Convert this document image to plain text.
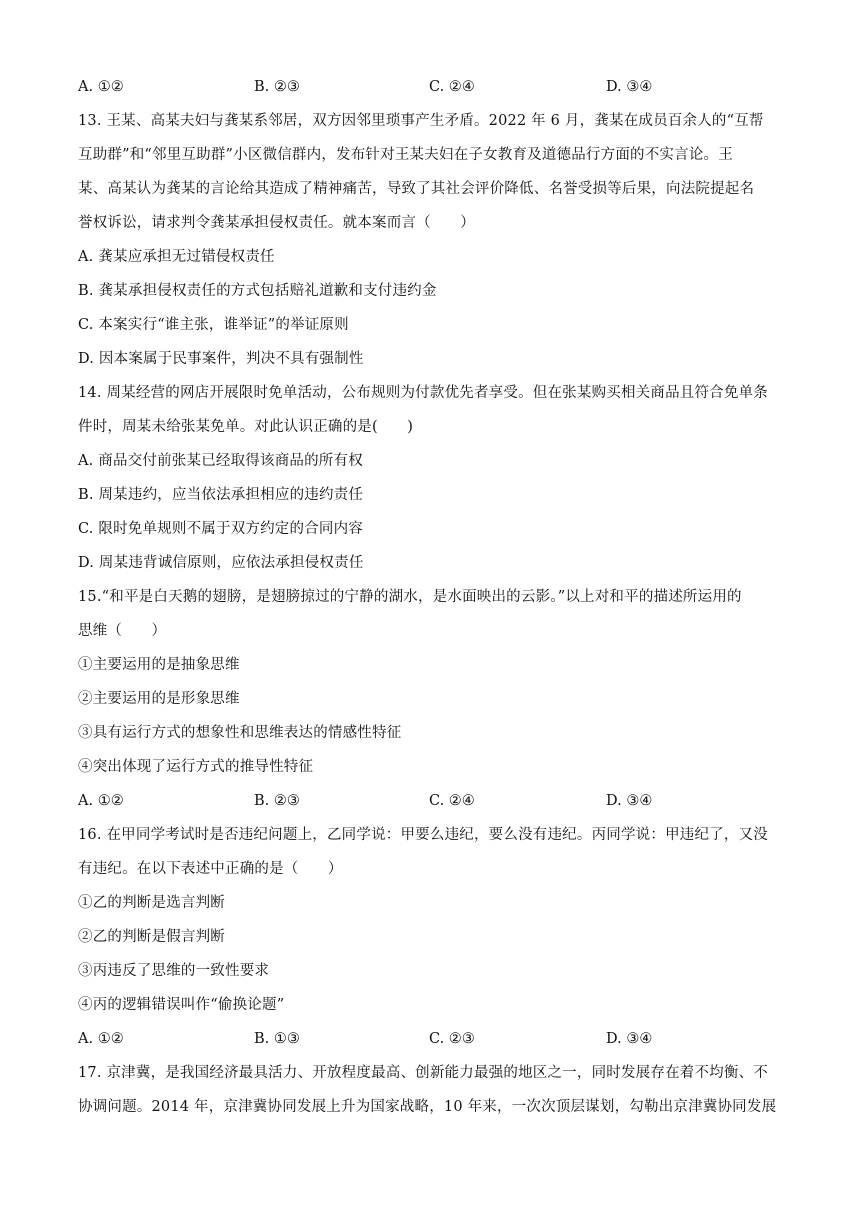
A. ①②	B. ②③	C. ②④	D. ③④
13. 王某、高某夫妇与龚某系邻居，双方因邻里琐事产生矛盾。2022 年 6 月，龚某在成员百余人的“互帮
互助群”和“邻里互助群”小区微信群内，发布针对王某夫妇在子女教育及道德品行方面的不实言论。王
某、高某认为龚某的言论给其造成了精神痛苦，导致了其社会评价降低、名誉受损等后果，向法院提起名
誉权诉讼，请求判令龚某承担侵权责任。就本案而言（　　）
A. 龚某应承担无过错侵权责任
B. 龚某承担侵权责任的方式包括赔礼道歉和支付违约金
C. 本案实行“谁主张，谁举证”的举证原则
D. 因本案属于民事案件，判决不具有强制性
14. 周某经营的网店开展限时免单活动，公布规则为付款优先者享受。但在张某购买相关商品且符合免单条
件时，周某未给张某免单。对此认识正确的是(　　)
A. 商品交付前张某已经取得该商品的所有权
B. 周某违约，应当依法承担相应的违约责任
C. 限时免单规则不属于双方约定的合同内容
D. 周某违背诚信原则，应依法承担侵权责任
15.“和平是白天鹅的翅膀，是翅膀掠过的宁静的湖水，是水面映出的云影。”以上对和平的描述所运用的
思维（　　）
①主要运用的是抽象思维
②主要运用的是形象思维
③具有运行方式的想象性和思维表达的情感性特征
④突出体现了运行方式的推导性特征
A. ①②	B. ②③	C. ②④	D. ③④
16. 在甲同学考试时是否违纪问题上，乙同学说：甲要么违纪，要么没有违纪。丙同学说：甲违纪了，又没
有违纪。在以下表述中正确的是（　　）
①乙的判断是选言判断
②乙的判断是假言判断
③丙违反了思维的一致性要求
④丙的逻辑错误叫作“偷换论题”
A. ①②	B. ①③	C. ②③	D. ③④
17. 京津冀，是我国经济最具活力、开放程度最高、创新能力最强的地区之一，同时发展存在着不均衡、不
协调问题。2014 年，京津冀协同发展上升为国家战略，10 年来，一次次顶层谋划，勾勒出京津冀协同发展
